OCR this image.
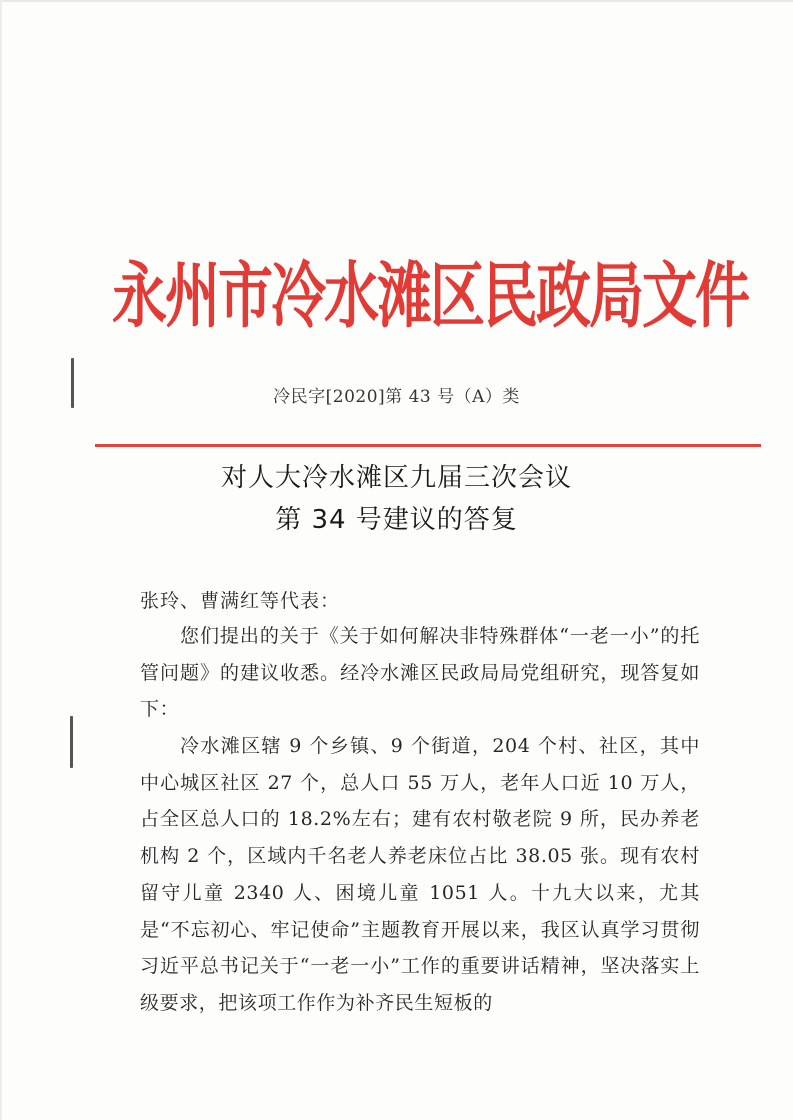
永州市冷水滩区民政局文件
冷民字[2020]第 43 号（A）类
对人大冷水滩区九届三次会议
第 34 号建议的答复
张玲、曹满红等代表：

您们提出的关于《关于如何解决非特殊群体“一老一小”的托管问题》的建议收悉。经冷水滩区民政局局党组研究，现答复如下：

冷水滩区辖 9 个乡镇、9 个街道，204 个村、社区，其中中心城区社区 27 个，总人口 55 万人，老年人口近 10 万人，占全区总人口的 18.2%左右；建有农村敬老院 9 所，民办养老机构 2 个，区域内千名老人养老床位占比 38.05 张。现有农村留守儿童 2340 人、困境儿童 1051 人。十九大以来，尤其是“不忘初心、牢记使命”主题教育开展以来，我区认真学习贯彻习近平总书记关于“一老一小”工作的重要讲话精神，坚决落实上级要求，把该项工作作为补齐民生短板的
